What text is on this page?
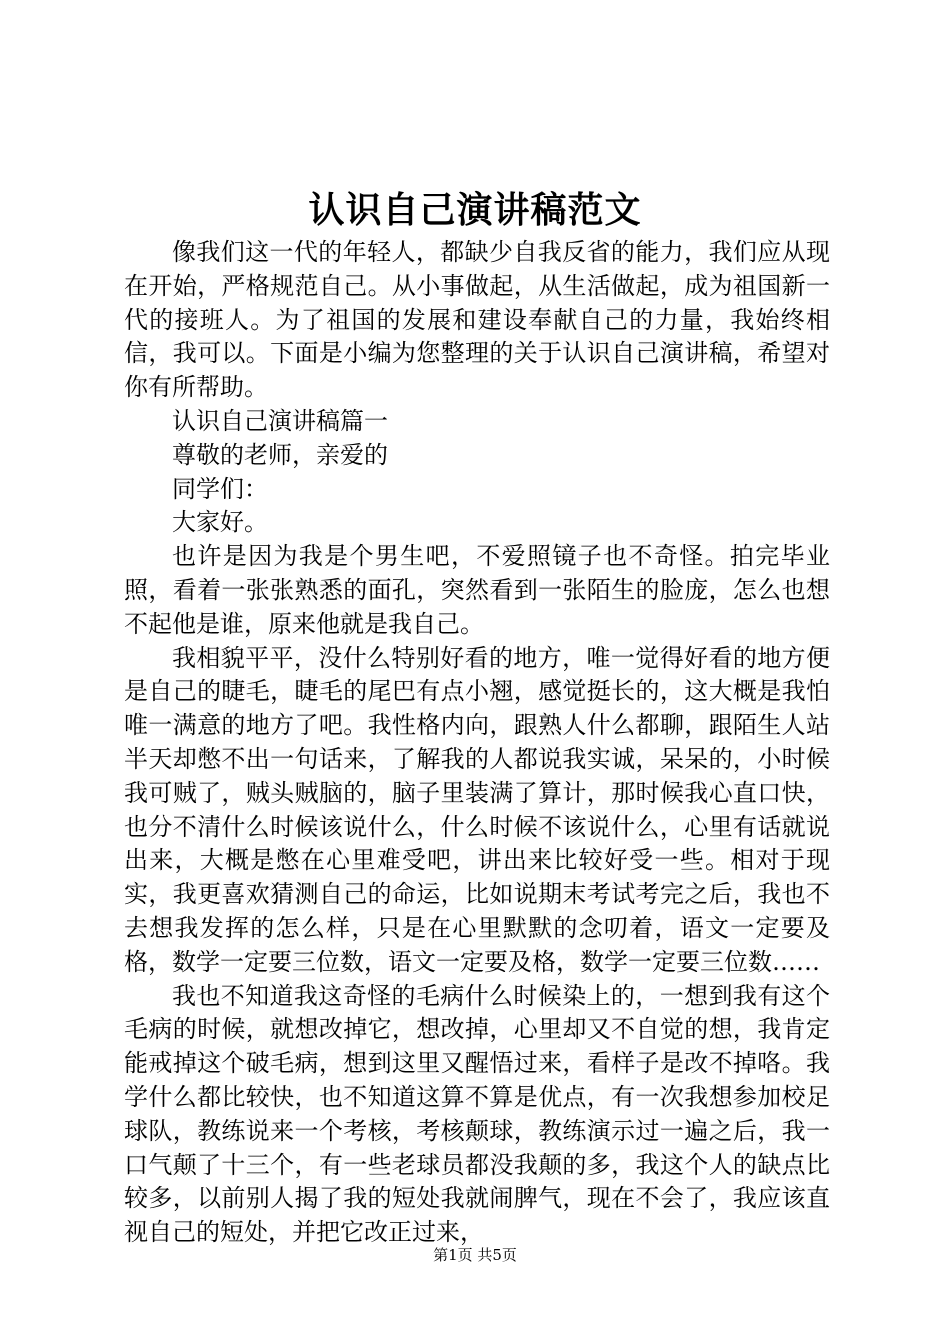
认识自己演讲稿范文

像我们这一代的年轻人，都缺少自我反省的能力，我们应从现在开始，严格规范自己。从小事做起，从生活做起，成为祖国新一代的接班人。为了祖国的发展和建设奉献自己的力量，我始终相信，我可以。下面是小编为您整理的关于认识自己演讲稿，希望对你有所帮助。

认识自己演讲稿篇一

尊敬的老师，亲爱的

同学们：

大家好。

也许是因为我是个男生吧，不爱照镜子也不奇怪。拍完毕业照，看着一张张熟悉的面孔，突然看到一张陌生的脸庞，怎么也想不起他是谁，原来他就是我自己。

我相貌平平，没什么特别好看的地方，唯一觉得好看的地方便是自己的睫毛，睫毛的尾巴有点小翘，感觉挺长的，这大概是我怕唯一满意的地方了吧。我性格内向，跟熟人什么都聊，跟陌生人站半天却憋不出一句话来，了解我的人都说我实诚，呆呆的，小时候我可贼了，贼头贼脑的，脑子里装满了算计，那时候我心直口快，也分不清什么时候该说什么，什么时候不该说什么，心里有话就说出来，大概是憋在心里难受吧，讲出来比较好受一些。相对于现实，我更喜欢猜测自己的命运，比如说期末考试考完之后，我也不去想我发挥的怎么样，只是在心里默默的念叨着，语文一定要及格，数学一定要三位数，语文一定要及格，数学一定要三位数……

我也不知道我这奇怪的毛病什么时候染上的，一想到我有这个毛病的时候，就想改掉它，想改掉，心里却又不自觉的想，我肯定能戒掉这个破毛病，想到这里又醒悟过来，看样子是改不掉咯。我学什么都比较快，也不知道这算不算是优点，有一次我想参加校足球队，教练说来一个考核，考核颠球，教练演示过一遍之后，我一口气颠了十三个，有一些老球员都没我颠的多，我这个人的缺点比较多，以前别人揭了我的短处我就闹脾气，现在不会了，我应该直视自己的短处，并把它改正过来，

第1页 共5页
